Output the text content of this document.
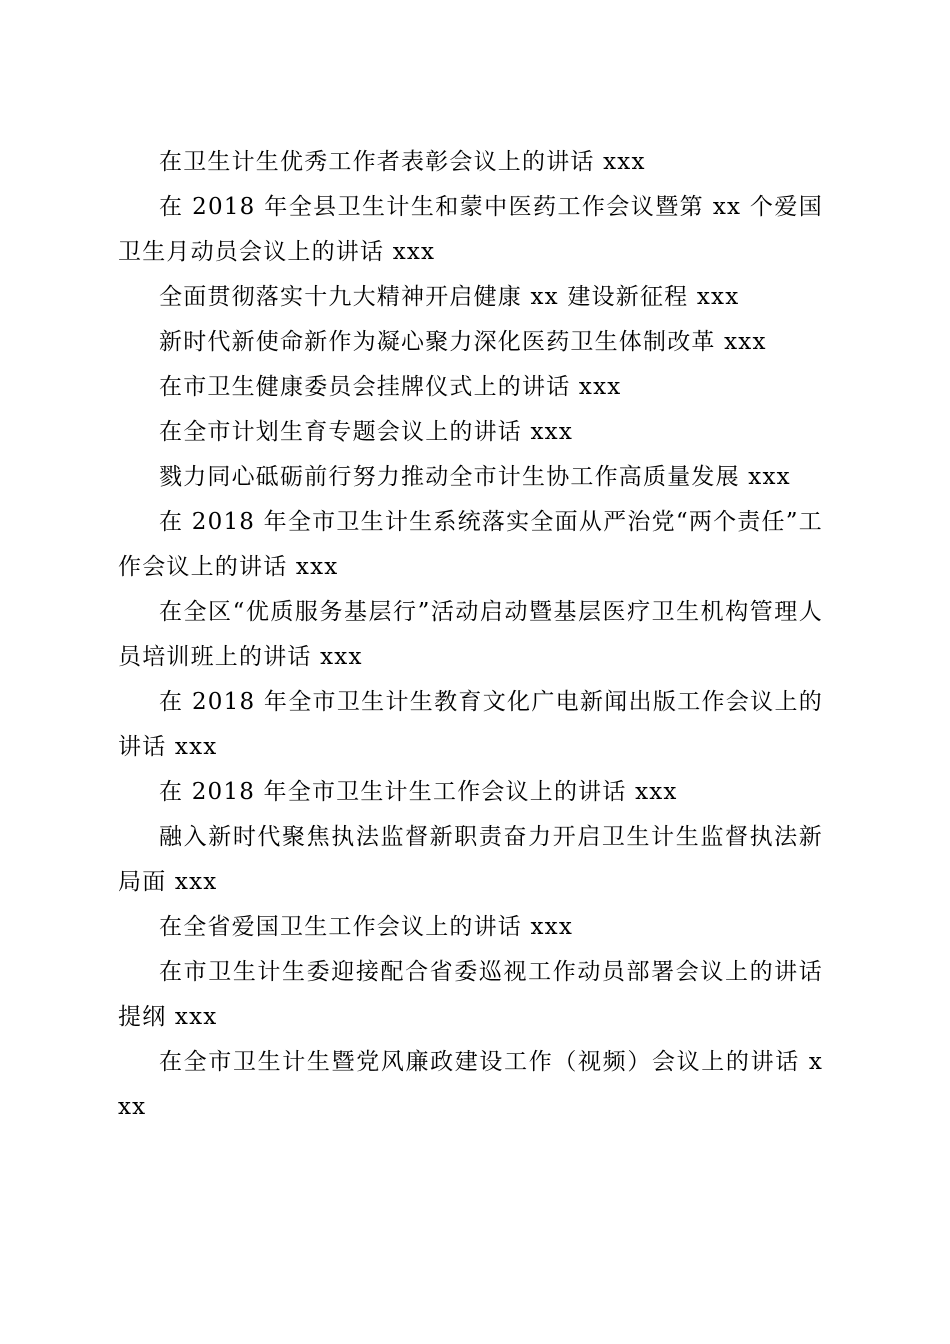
在卫生计生优秀工作者表彰会议上的讲话 xxx

在 2018 年全县卫生计生和蒙中医药工作会议暨第 xx 个爱国卫生月动员会议上的讲话 xxx

全面贯彻落实十九大精神开启健康 xx 建设新征程 xxx

新时代新使命新作为凝心聚力深化医药卫生体制改革 xxx

在市卫生健康委员会挂牌仪式上的讲话 xxx

在全市计划生育专题会议上的讲话 xxx

戮力同心砥砺前行努力推动全市计生协工作高质量发展 xxx

在 2018 年全市卫生计生系统落实全面从严治党“两个责任”工作会议上的讲话 xxx

在全区“优质服务基层行”活动启动暨基层医疗卫生机构管理人员培训班上的讲话 xxx

在 2018 年全市卫生计生教育文化广电新闻出版工作会议上的讲话 xxx

在 2018 年全市卫生计生工作会议上的讲话 xxx

融入新时代聚焦执法监督新职责奋力开启卫生计生监督执法新局面 xxx

在全省爱国卫生工作会议上的讲话 xxx

在市卫生计生委迎接配合省委巡视工作动员部署会议上的讲话提纲 xxx

在全市卫生计生暨党风廉政建设工作（视频）会议上的讲话 xxx
